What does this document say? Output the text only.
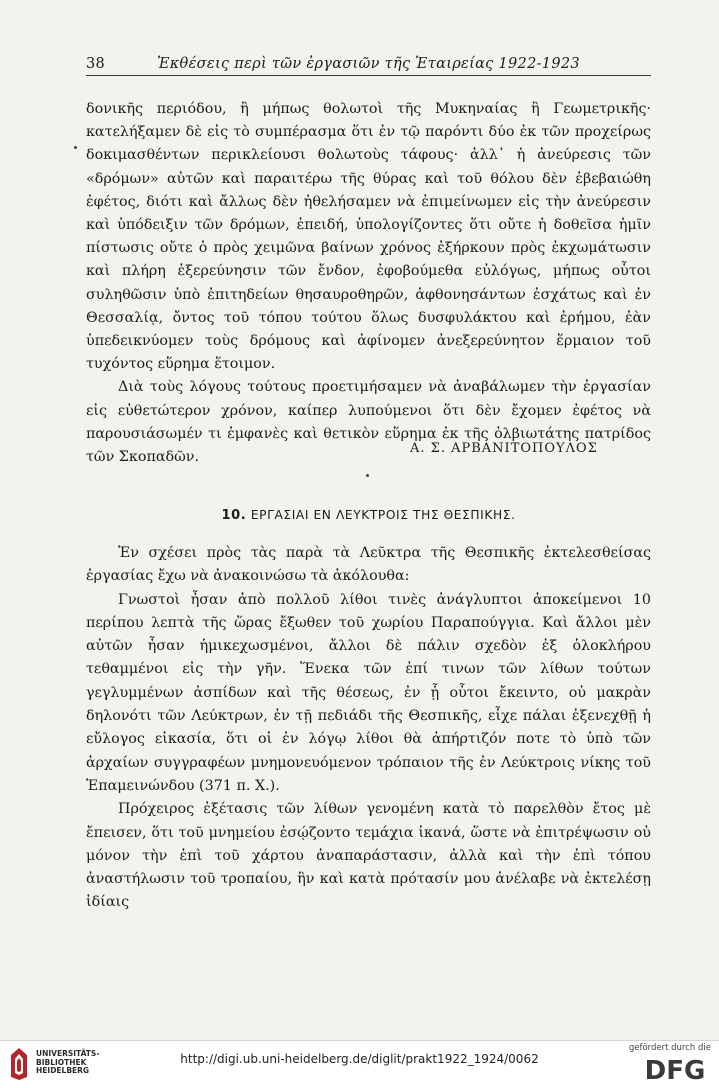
38	Ἐκθέσεις περὶ τῶν ἐργασιῶν τῆς Ἑταιρείας 1922-1923

δονικῆς περιόδου, ἢ μήπως θολωτοὶ τῆς Μυκηναίας ἢ Γεωμετρικῆς· κατελήξαμεν δὲ εἰς τὸ συμπέρασμα ὅτι ἐν τῷ παρόντι δύο ἐκ τῶν προχείρως δοκιμασθέντων περικλείουσι θολωτοὺς τάφους· ἀλλ᾽ ἡ ἀνεύρεσις τῶν «δρόμων» αὐτῶν καὶ παραιτέρω τῆς θύρας καὶ τοῦ θόλου δὲν ἐβεβαιώθη ἐφέτος, διότι καὶ ἄλλως δὲν ἠθελήσαμεν νὰ ἐπιμείνωμεν εἰς τὴν ἀνεύρεσιν καὶ ὑπόδειξιν τῶν δρόμων, ἐπειδή, ὑπολογίζοντες ὅτι οὔτε ἡ δοθεῖσα ἡμῖν πίστωσις οὔτε ὁ πρὸς χειμῶνα βαίνων χρόνος ἐξήρκουν πρὸς ἐκχωμάτωσιν καὶ πλήρη ἐξερεύνησιν τῶν ἔνδον, ἐφοβούμεθα εὐλόγως, μήπως οὗτοι συληθῶσιν ὑπὸ ἐπιτηδείων θησαυροθηρῶν, ἀφθονησάντων ἐσχάτως καὶ ἐν Θεσσαλίᾳ, ὄντος τοῦ τόπου τούτου ὅλως δυσφυλάκτου καὶ ἐρήμου, ἐὰν ὑπεδεικνύομεν τοὺς δρόμους καὶ ἀφίνομεν ἀνεξερεύνητον ἕρμαιον τοῦ τυχόντος εὕρημα ἕτοιμον.

Διὰ τοὺς λόγους τούτους προετιμήσαμεν νὰ ἀναβάλωμεν τὴν ἐργασίαν εἰς εὐθετώτερον χρόνον, καίπερ λυπούμενοι ὅτι δὲν ἔχομεν ἐφέτος νὰ παρουσιάσωμέν τι ἐμφανὲς καὶ θετικὸν εὕρημα ἐκ τῆς ὀλβιωτάτης πατρίδος τῶν Σκοπαδῶν.

Α. Σ. ΑΡΒΑΝΙΤΟΠΟΥΛΟΣ
10. ΕΡΓΑΣΙΑΙ ΕΝ ΛΕΥΚΤΡΟΙΣ ΤΗΣ ΘΕΣΠΙΚΗΣ.

Ἐν σχέσει πρὸς τὰς παρὰ τὰ Λεῦκτρα τῆς Θεσπικῆς ἐκτελεσθείσας ἐργασίας ἔχω νὰ ἀνακοινώσω τὰ ἀκόλουθα:

Γνωστοὶ ἦσαν ἀπὸ πολλοῦ λίθοι τινὲς ἀνάγλυπτοι ἀποκείμενοι 10 περίπου λεπτὰ τῆς ὥρας ἔξωθεν τοῦ χωρίου Παραπούγγια. Καὶ ἄλλοι μὲν αὐτῶν ἦσαν ἡμικεχωσμένοι, ἄλλοι δὲ πάλιν σχεδὸν ἐξ ὁλοκλήρου τεθαμμένοι εἰς τὴν γῆν. Ἕνεκα τῶν ἐπί τινων τῶν λίθων τούτων γεγλυμμένων ἀσπίδων καὶ τῆς θέσεως, ἐν ᾗ οὗτοι ἔκειντο, οὐ μακρὰν δηλονότι τῶν Λεύκτρων, ἐν τῇ πεδιάδι τῆς Θεσπικῆς, εἶχε πάλαι ἐξενεχθῇ ἡ εὔλογος εἰκασία, ὅτι οἱ ἐν λόγῳ λίθοι θὰ ἀπήρτιζόν ποτε τὸ ὑπὸ τῶν ἀρχαίων συγγραφέων μνημονευόμενον τρόπαιον τῆς ἐν Λεύκτροις νίκης τοῦ Ἐπαμεινώνδου (371 π. Χ.).

Πρόχειρος ἐξέτασις τῶν λίθων γενομένη κατὰ τὸ παρελθὸν ἔτος μὲ ἔπεισεν, ὅτι τοῦ μνημείου ἐσῴζοντο τεμάχια ἱκανά, ὥστε νὰ ἐπιτρέψωσιν οὐ μόνον τὴν ἐπὶ τοῦ χάρτου ἀναπαράστασιν, ἀλλὰ καὶ τὴν ἐπὶ τόπου ἀναστήλωσιν τοῦ τροπαίου, ἣν καὶ κατὰ πρότασίν μου ἀνέλαβε νὰ ἐκτελέσῃ ἰδίαις

UNIVERSITÄTS-
BIBLIOTHEK
HEIDELBERG
http://digi.ub.uni-heidelberg.de/diglit/prakt1922_1924/0062
gefördert durch die
DFG
